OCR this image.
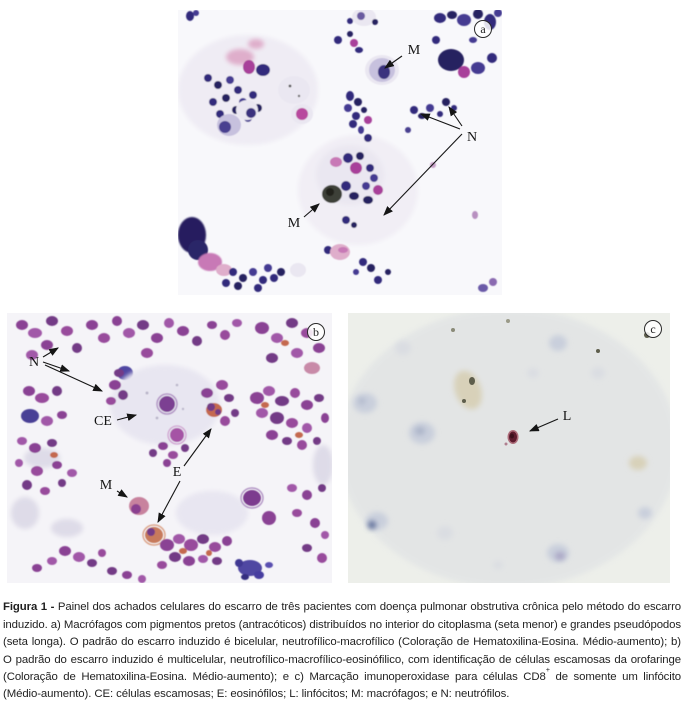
M
N
M
a
N
CE
E
M
b
L
c

Figura 1 - Painel dos achados celulares do escarro de três pacientes com doença pulmonar obstrutiva crônica pelo método do escarro induzido. a) Macrófagos com pigmentos pretos (antracóticos) distribuídos no interior do citoplasma (seta menor) e grandes pseudópodos (seta longa). O padrão do escarro induzido é bicelular, neutrofílico-macrofílico (Coloração de Hematoxilina-Eosina. Médio-aumento); b) O padrão do escarro induzido é multicelular, neutrofílico-macrofílico-eosinófilico, com identificação de células escamosas da orofaringe (Coloração de Hematoxilina-Eosina. Médio-aumento); e c) Marcação imunoperoxidase para células CD8+ de somente um linfócito (Médio-aumento). CE: células escamosas; E: eosinófilos; L: linfócitos; M: macrófagos; e N: neutrófilos.
